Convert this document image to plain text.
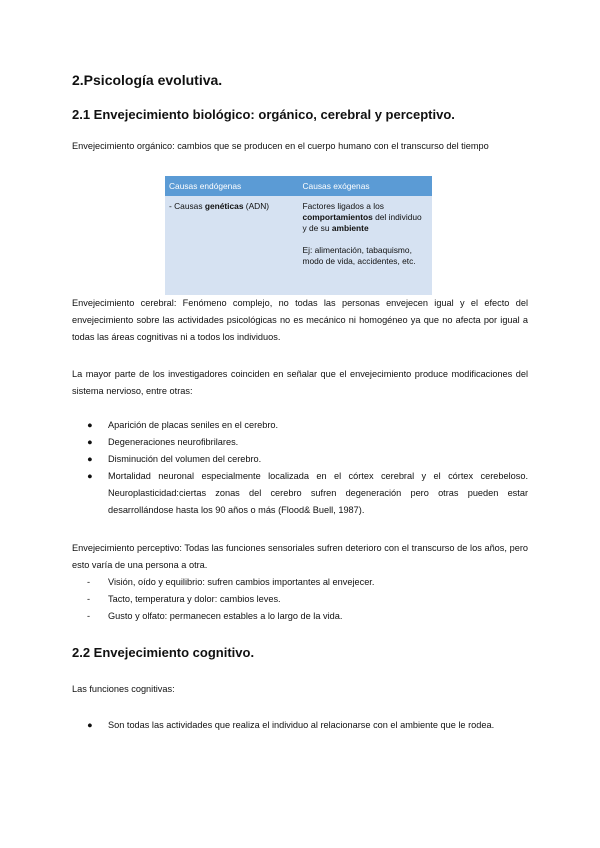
2.Psicología evolutiva.
2.1 Envejecimiento biológico: orgánico, cerebral y perceptivo.

Envejecimiento orgánico: cambios que se producen en el cuerpo humano con el transcurso del tiempo

Causas endógenas	Causas exógenas
- Causas genéticas (ADN)	Factores ligados a los
comportamientos del individuo y de su ambiente
Ej: alimentación, tabaquismo, modo de vida, accidentes, etc.

Envejecimiento cerebral: Fenómeno complejo, no todas las personas envejecen igual y el efecto del envejecimiento sobre las actividades psicológicas no es mecánico ni homogéneo ya que no afecta por igual a todas las áreas cognitivas ni a todos los individuos.

La mayor parte de los investigadores coinciden en señalar que el envejecimiento produce modificaciones del sistema nervioso, entre otras:

● Aparición de placas seniles en el cerebro.
● Degeneraciones neurofibrilares.
● Disminución del volumen del cerebro.
● Mortalidad neuronal especialmente localizada en el córtex cerebral y el córtex cerebeloso. Neuroplasticidad:ciertas zonas del cerebro sufren degeneración pero otras pueden estar desarrollándose hasta los 90 años o más (Flood& Buell, 1987).

Envejecimiento perceptivo: Todas las funciones sensoriales sufren deterioro con el transcurso de los años, pero esto varía de una persona a otra.

- Visión, oído y equilibrio: sufren cambios importantes al envejecer.
- Tacto, temperatura y dolor: cambios leves.
- Gusto y olfato: permanecen estables a lo largo de la vida.
2.2 Envejecimiento cognitivo.

Las funciones cognitivas:

● Son todas las actividades que realiza el individuo al relacionarse con el ambiente que le rodea.
